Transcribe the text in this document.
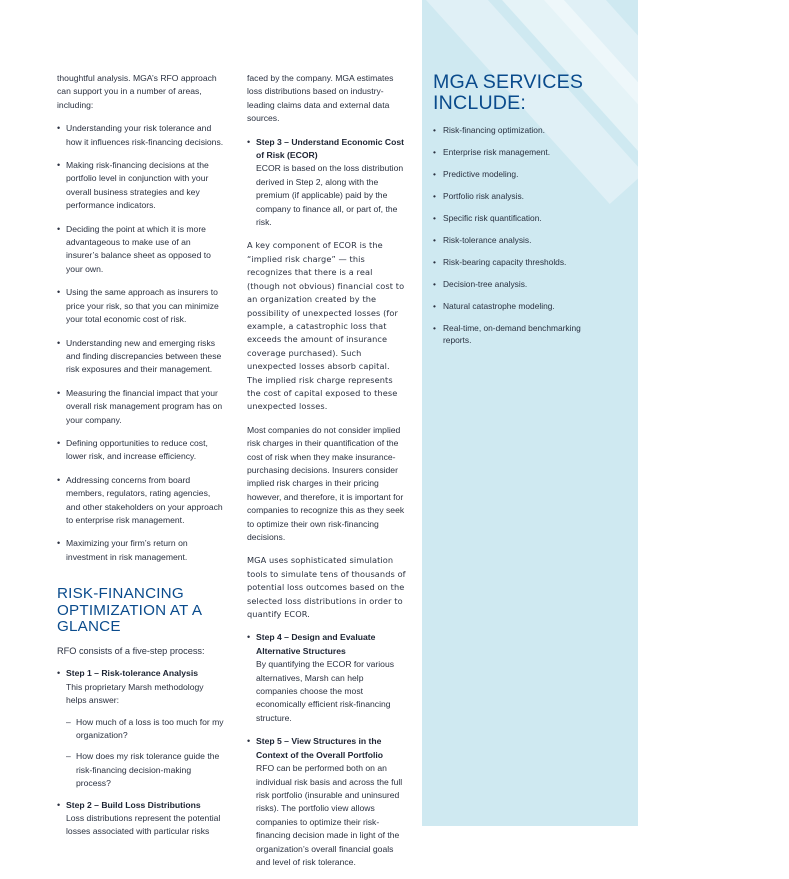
thoughtful analysis. MGA’s RFO approach can support you in a number of areas, including:

• Understanding your risk tolerance and how it influences risk-financing decisions.
• Making risk-financing decisions at the portfolio level in conjunction with your overall business strategies and key performance indicators.
• Deciding the point at which it is more advantageous to make use of an insurer’s balance sheet as opposed to your own.
• Using the same approach as insurers to price your risk, so that you can minimize your total economic cost of risk.
• Understanding new and emerging risks and finding discrepancies between these risk exposures and their management.
• Measuring the financial impact that your overall risk management program has on your company.
• Defining opportunities to reduce cost, lower risk, and increase efficiency.
• Addressing concerns from board members, regulators, rating agencies, and other stakeholders on your approach to enterprise risk management.
• Maximizing your firm’s return on investment in risk management.
RISK-FINANCING OPTIMIZATION AT A GLANCE

RFO consists of a five-step process:

• Step 1 – Risk-tolerance Analysis
This proprietary Marsh methodology helps answer:
– How much of a loss is too much for my organization?
– How does my risk tolerance guide the risk-financing decision-making process?
• Step 2 – Build Loss Distributions
Loss distributions represent the potential losses associated with particular risks

faced by the company. MGA estimates loss distributions based on industry-leading claims data and external data sources.

• Step 3 – Understand Economic Cost of Risk (ECOR)
ECOR is based on the loss distribution derived in Step 2, along with the premium (if applicable) paid by the company to finance all, or part of, the risk.

A key component of ECOR is the “implied risk charge” — this recognizes that there is a real (though not obvious) financial cost to an organization created by the possibility of unexpected losses (for example, a catastrophic loss that exceeds the amount of insurance coverage purchased). Such unexpected losses absorb capital. The implied risk charge represents the cost of capital exposed to these unexpected losses.

Most companies do not consider implied risk charges in their quantification of the cost of risk when they make insurance-purchasing decisions. Insurers consider implied risk charges in their pricing however, and therefore, it is important for companies to recognize this as they seek to optimize their own risk-financing decisions.

MGA uses sophisticated simulation tools to simulate tens of thousands of potential loss outcomes based on the selected loss distributions in order to quantify ECOR.

• Step 4 – Design and Evaluate Alternative Structures
By quantifying the ECOR for various alternatives, Marsh can help companies choose the most economically efficient risk-financing structure.
• Step 5 – View Structures in the Context of the Overall Portfolio
RFO can be performed both on an individual risk basis and across the full risk portfolio (insurable and uninsured risks). The portfolio view allows companies to optimize their risk-financing decision made in light of the organization’s overall financial goals and level of risk tolerance.
MGA SERVICES INCLUDE:
• Risk-financing optimization.
• Enterprise risk management.
• Predictive modeling.
• Portfolio risk analysis.
• Specific risk quantification.
• Risk-tolerance analysis.
• Risk-bearing capacity thresholds.
• Decision-tree analysis.
• Natural catastrophe modeling.
• Real-time, on-demand benchmarking reports.
